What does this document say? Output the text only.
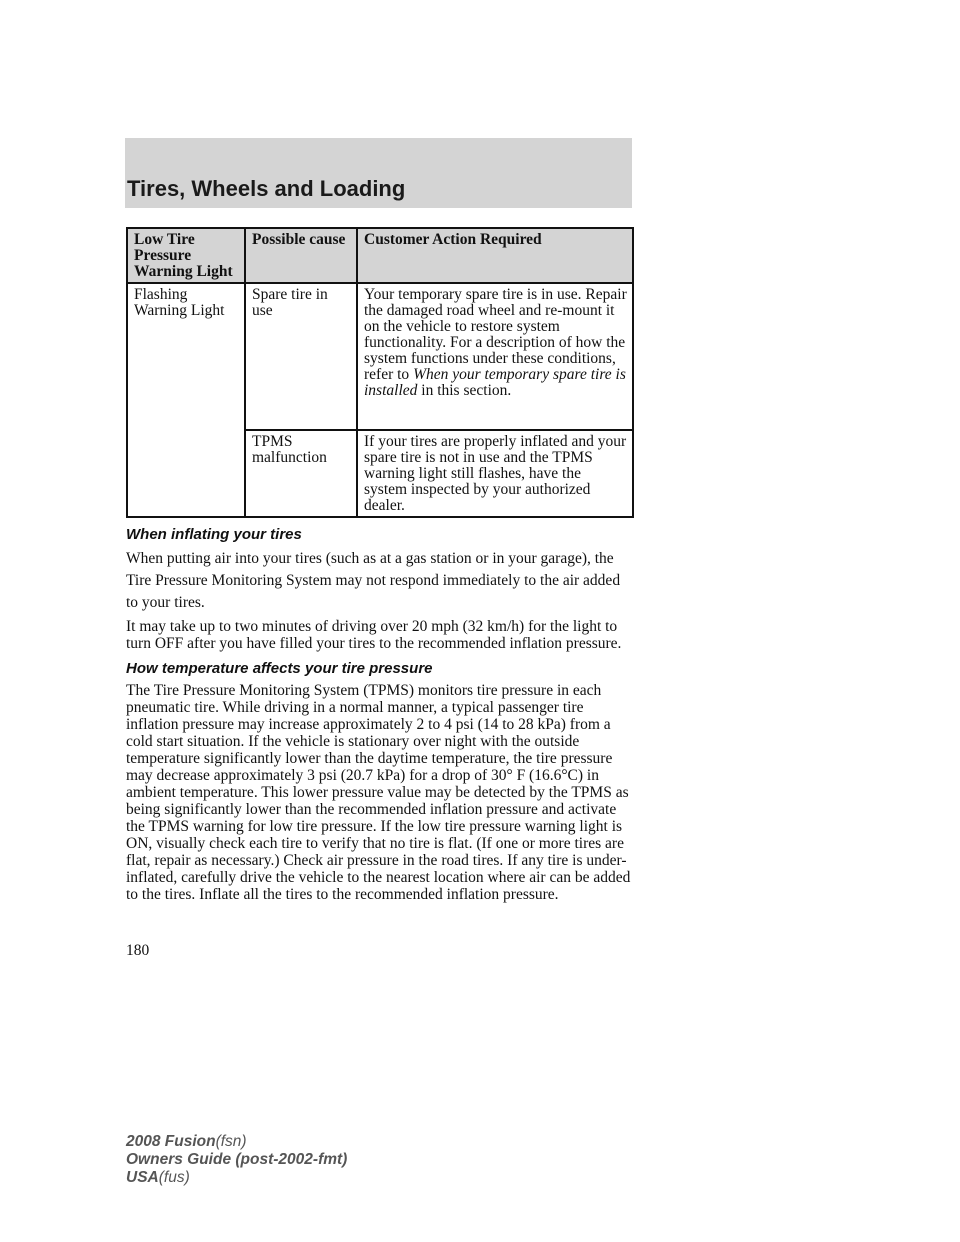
Tires, Wheels and Loading
Low Tire Pressure Warning Light	Possible cause	Customer Action Required
Flashing Warning Light	Spare tire in use	Your temporary spare tire is in use. Repair the damaged road wheel and re-mount it on the vehicle to restore system functionality. For a description of how the system functions under these conditions, refer to When your temporary spare tire is installed in this section.
	TPMS malfunction	If your tires are properly inflated and your spare tire is not in use and the TPMS warning light still flashes, have the system inspected by your authorized dealer.
When inflating your tires

When putting air into your tires (such as at a gas station or in your garage), the Tire Pressure Monitoring System may not respond immediately to the air added to your tires.

It may take up to two minutes of driving over 20 mph (32 km/h) for the light to turn OFF after you have filled your tires to the recommended inflation pressure.

How temperature affects your tire pressure

The Tire Pressure Monitoring System (TPMS) monitors tire pressure in each pneumatic tire. While driving in a normal manner, a typical passenger tire inflation pressure may increase approximately 2 to 4 psi (14 to 28 kPa) from a cold start situation. If the vehicle is stationary over night with the outside temperature significantly lower than the daytime temperature, the tire pressure may decrease approximately 3 psi (20.7 kPa) for a drop of 30° F (16.6°C) in ambient temperature. This lower pressure value may be detected by the TPMS as being significantly lower than the recommended inflation pressure and activate the TPMS warning for low tire pressure. If the low tire pressure warning light is ON, visually check each tire to verify that no tire is flat. (If one or more tires are flat, repair as necessary.) Check air pressure in the road tires. If any tire is under-inflated, carefully drive the vehicle to the nearest location where air can be added to the tires. Inflate all the tires to the recommended inflation pressure.

180
2008 Fusion(fsn)
Owners Guide (post-2002-fmt)
USA(fus)
